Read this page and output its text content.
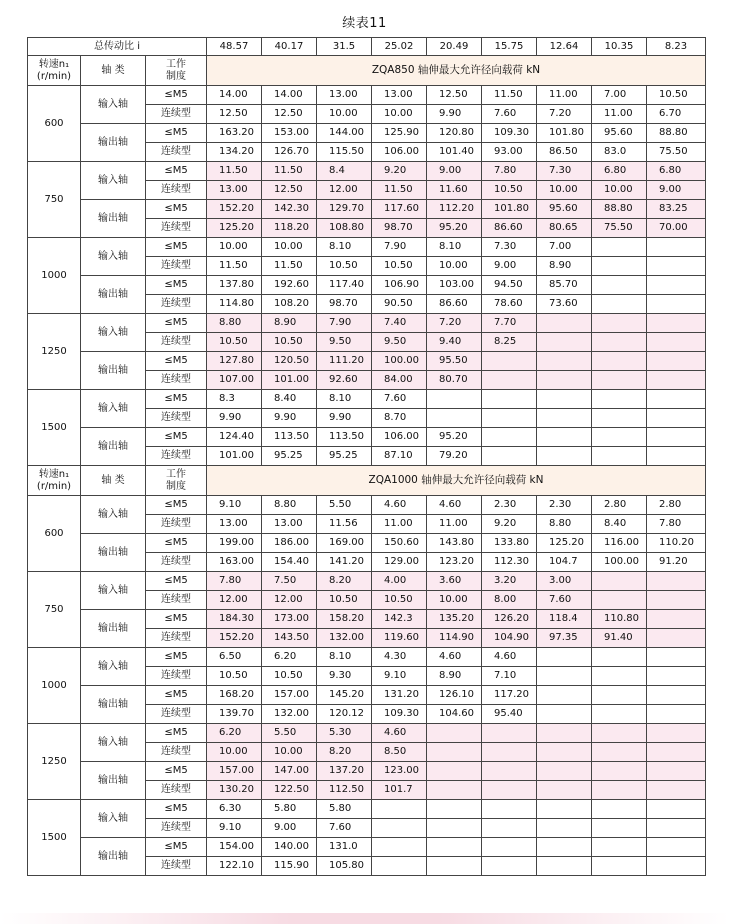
续表11
总传动比 i			48.57	40.17	31.5	25.02	20.49	15.75	12.64	10.35	8.23
转速n₁
(r/min)	轴 类	工作
制度	ZQA850 轴伸最大允许径向载荷 kN								
600	输入轴	≤M5	14.00	14.00	13.00	13.00	12.50	11.50	11.00	7.00	10.50
		连续型	12.50	12.50	10.00	10.00	9.90	7.60	7.20	11.00	6.70
	输出轴	≤M5	163.20	153.00	144.00	125.90	120.80	109.30	101.80	95.60	88.80
		连续型	134.20	126.70	115.50	106.00	101.40	93.00	86.50	83.0	75.50
750	输入轴	≤M5	11.50	11.50	8.4	9.20	9.00	7.80	7.30	6.80	6.80
		连续型	13.00	12.50	12.00	11.50	11.60	10.50	10.00	10.00	9.00
	输出轴	≤M5	152.20	142.30	129.70	117.60	112.20	101.80	95.60	88.80	83.25
		连续型	125.20	118.20	108.80	98.70	95.20	86.60	80.65	75.50	70.00
1000	输入轴	≤M5	10.00	10.00	8.10	7.90	8.10	7.30	7.00		
		连续型	11.50	11.50	10.50	10.50	10.00	9.00	8.90		
	输出轴	≤M5	137.80	192.60	117.40	106.90	103.00	94.50	85.70		
		连续型	114.80	108.20	98.70	90.50	86.60	78.60	73.60		
1250	输入轴	≤M5	8.80	8.90	7.90	7.40	7.20	7.70			
		连续型	10.50	10.50	9.50	9.50	9.40	8.25			
	输出轴	≤M5	127.80	120.50	111.20	100.00	95.50				
		连续型	107.00	101.00	92.60	84.00	80.70				
1500	输入轴	≤M5	8.3	8.40	8.10	7.60					
		连续型	9.90	9.90	9.90	8.70					
	输出轴	≤M5	124.40	113.50	113.50	106.00	95.20				
		连续型	101.00	95.25	95.25	87.10	79.20				
转速n₁
(r/min)	轴 类	工作
制度	ZQA1000 轴伸最大允许径向载荷 kN								
600	输入轴	≤M5	9.10	8.80	5.50	4.60	4.60	2.30	2.30	2.80	2.80
		连续型	13.00	13.00	11.56	11.00	11.00	9.20	8.80	8.40	7.80
	输出轴	≤M5	199.00	186.00	169.00	150.60	143.80	133.80	125.20	116.00	110.20
		连续型	163.00	154.40	141.20	129.00	123.20	112.30	104.7	100.00	91.20
750	输入轴	≤M5	7.80	7.50	8.20	4.00	3.60	3.20	3.00		
		连续型	12.00	12.00	10.50	10.50	10.00	8.00	7.60		
	输出轴	≤M5	184.30	173.00	158.20	142.3	135.20	126.20	118.4	110.80	
		连续型	152.20	143.50	132.00	119.60	114.90	104.90	97.35	91.40	
1000	输入轴	≤M5	6.50	6.20	8.10	4.30	4.60	4.60			
		连续型	10.50	10.50	9.30	9.10	8.90	7.10			
	输出轴	≤M5	168.20	157.00	145.20	131.20	126.10	117.20			
		连续型	139.70	132.00	120.12	109.30	104.60	95.40			
1250	输入轴	≤M5	6.20	5.50	5.30	4.60					
		连续型	10.00	10.00	8.20	8.50					
	输出轴	≤M5	157.00	147.00	137.20	123.00					
		连续型	130.20	122.50	112.50	101.7					
1500	输入轴	≤M5	6.30	5.80	5.80						
		连续型	9.10	9.00	7.60						
	输出轴	≤M5	154.00	140.00	131.0						
		连续型	122.10	115.90	105.80						
